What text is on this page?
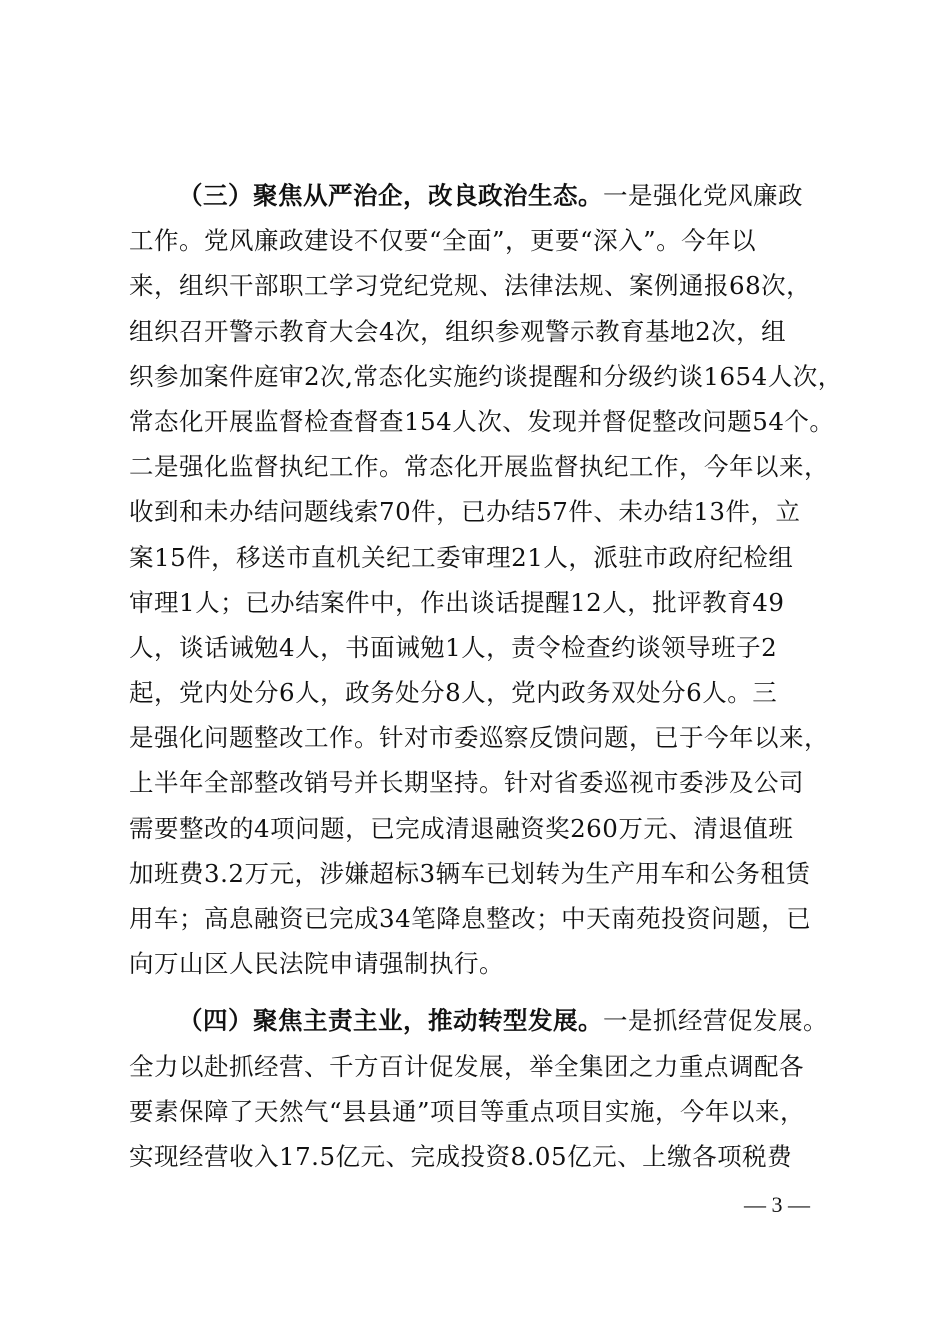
（三）聚焦从严治企，改良政治生态。一是强化党风廉政
工作。党风廉政建设不仅要“全面”，更要“深入”。今年以
来，组织干部职工学习党纪党规、法律法规、案例通报68次，
组织召开警示教育大会4次，组织参观警示教育基地2次，组
织参加案件庭审2次,常态化实施约谈提醒和分级约谈1654人次，
常态化开展监督检查督查154人次、发现并督促整改问题54个。
二是强化监督执纪工作。常态化开展监督执纪工作，今年以来，
收到和未办结问题线索70件，已办结57件、未办结13件，立
案15件，移送市直机关纪工委审理21人，派驻市政府纪检组
审理1人；已办结案件中，作出谈话提醒12人，批评教育49
人，谈话诫勉4人，书面诫勉1人，责令检查约谈领导班子2
起，党内处分6人，政务处分8人，党内政务双处分6人。三
是强化问题整改工作。针对市委巡察反馈问题，已于今年以来，
上半年全部整改销号并长期坚持。针对省委巡视市委涉及公司
需要整改的4项问题，已完成清退融资奖260万元、清退值班
加班费3.2万元，涉嫌超标3辆车已划转为生产用车和公务租赁
用车；高息融资已完成34笔降息整改；中天南苑投资问题，已
向万山区人民法院申请强制执行。
（四）聚焦主责主业，推动转型发展。一是抓经营促发展。
全力以赴抓经营、千方百计促发展，举全集团之力重点调配各
要素保障了天然气“县县通”项目等重点项目实施，今年以来，
实现经营收入17.5亿元、完成投资8.05亿元、上缴各项税费
— 3 —
